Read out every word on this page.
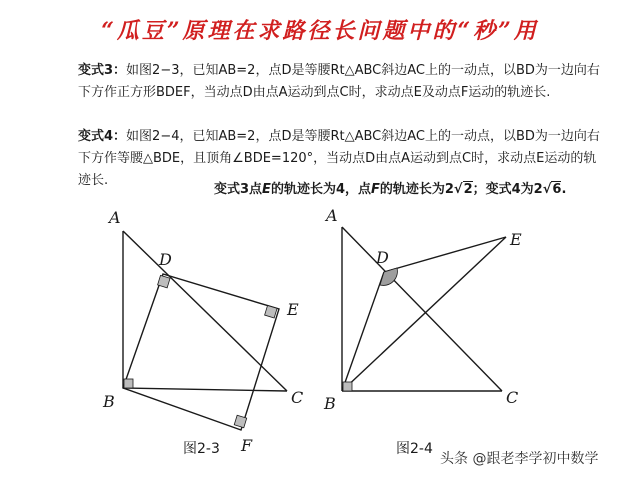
“瓜豆”原理在求路径长问题中的“秒”用
变式3：如图2−3，已知AB=2，点D是等腰Rt△ABC斜边AC上的一动点，以BD为一边向右下方作正方形BDEF，当动点D由点A运动到点C时，求动点E及动点F运动的轨迹长.
变式4：如图2−4，已知AB=2，点D是等腰Rt△ABC斜边AC上的一动点，以BD为一边向右下方作等腰△BDE，且顶角∠BDE=120°，当动点D由点A运动到点C时，求动点E运动的轨迹长.
变式3点E的轨迹长为4，点F的轨迹长为2√2；变式4为2√6.
A
B	C
D
E
F
图2-3
A
B	C
D
E
图2-4
头条 @跟老李学初中数学
